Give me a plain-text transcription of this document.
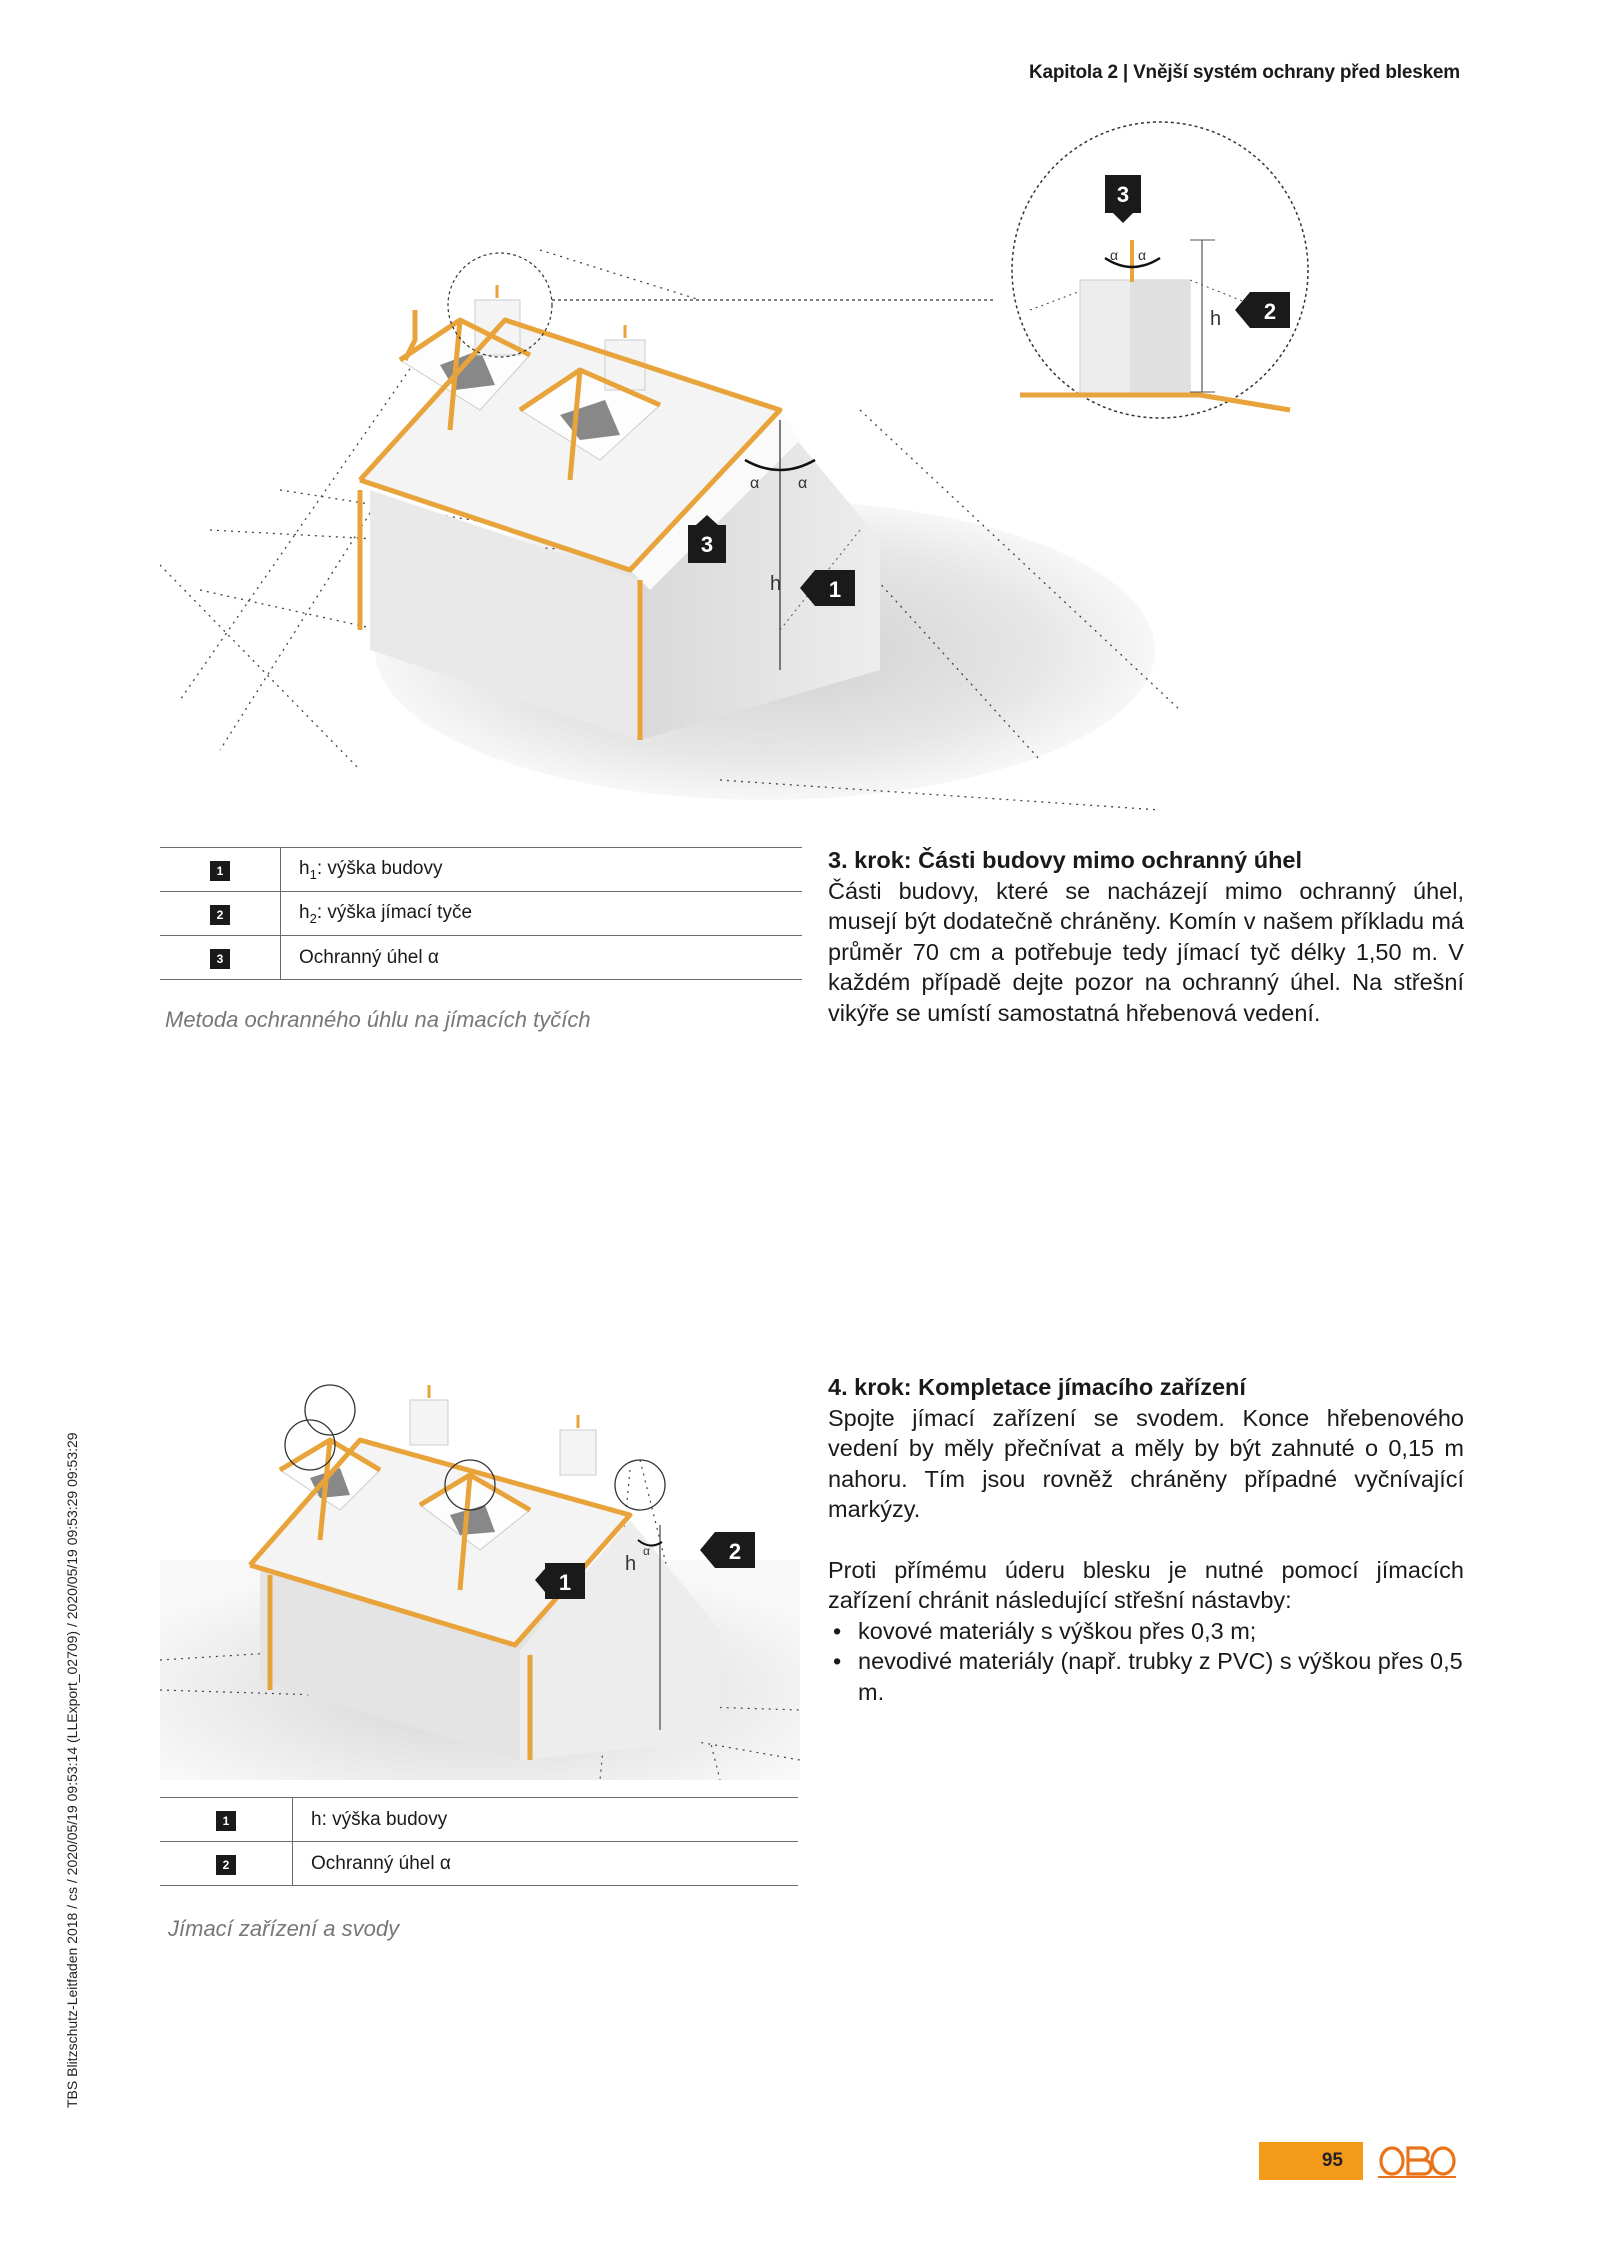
Kapitola 2 | Vnější systém ochrany před bleskem
α α
h
3
1
α α
h
3
2
1	$h_1$: výška budovy
2	$h_2$: výška jímací tyče
3	Ochranný úhel α
Metoda ochranného úhlu na jímacích tyčích
3. krok: Části budovy mimo ochranný úhel

Části budovy, které se nacházejí mimo ochranný úhel, musejí být dodatečně chráněny. Komín v našem příkladu má průměr 70 cm a potřebuje tedy jímací tyč délky 1,50 m. V každém případě dejte pozor na ochranný úhel. Na střešní vikýře se umístí samostatná hřebenová vedení.

h
α
1
2
1	h: výška budovy
2	Ochranný úhel α
Jímací zařízení a svody
4. krok: Kompletace jímacího zařízení

Spojte jímací zařízení se svodem. Konce hřebenového vedení by měly přečnívat a měly by být zahnuté o 0,15 m nahoru. Tím jsou rovněž chráněny případné vyčnívající markýzy.

Proti přímému úderu blesku je nutné pomocí jímacích zařízení chránit následující střešní nástavby:

• kovové materiály s výškou přes 0,3 m;
• nevodivé materiály (např. trubky z PVC) s výškou přes 0,5 m.
TBS Blitzschutz-Leitfaden 2018 / cs / 2020/05/19 09:53:14 (LLExport_02709) / 2020/05/19 09:53:29 09:53:29
95
